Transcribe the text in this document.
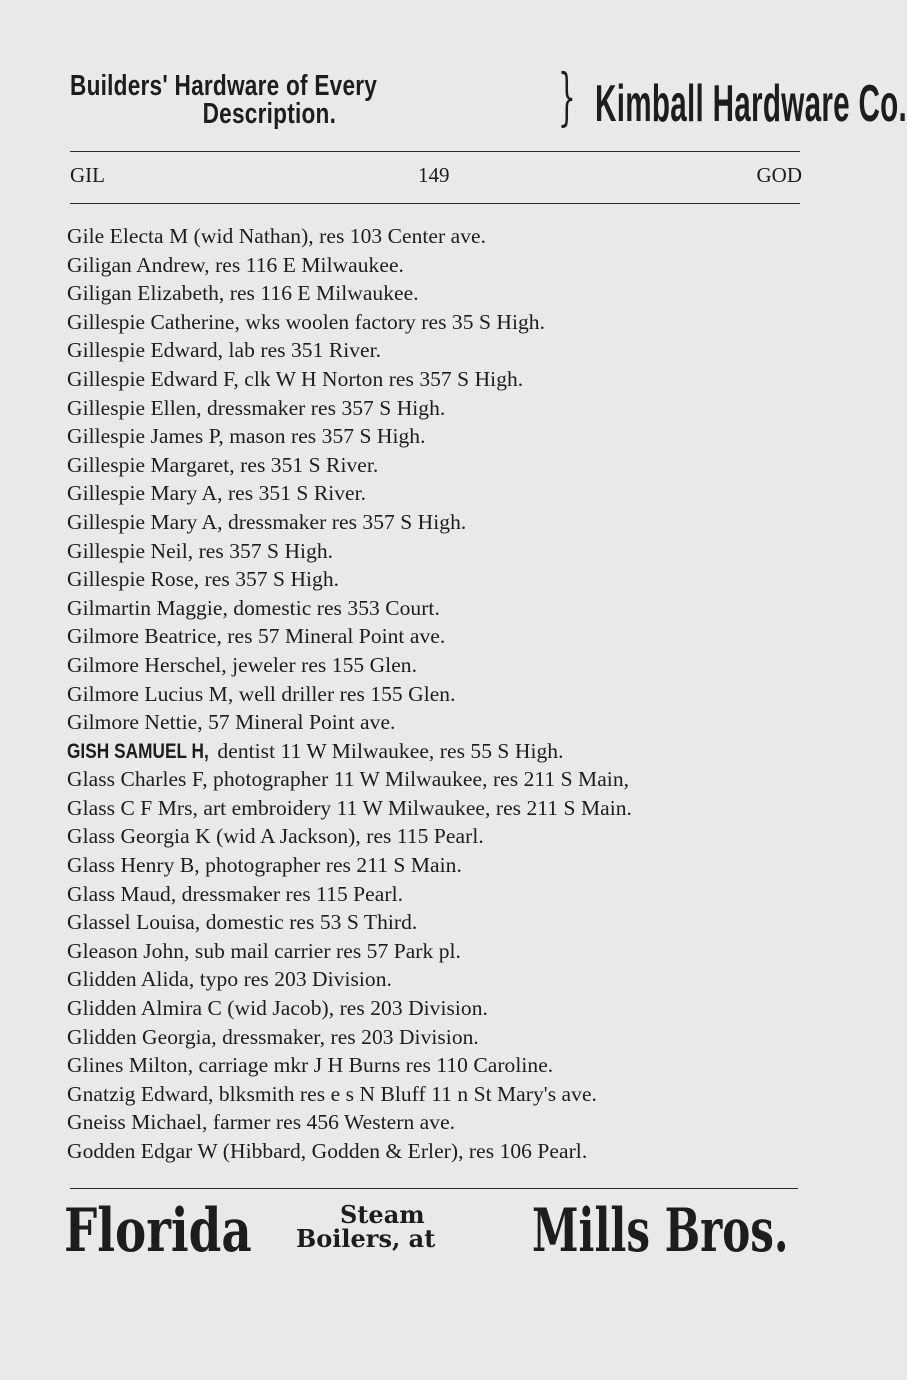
Builders' Hardware of Every
Description.	} Kimball Hardware Co.
GIL	149	GOD
Gile Electa M (wid Nathan), res 103 Center ave.
Giligan Andrew, res 116 E Milwaukee.
Giligan Elizabeth, res 116 E Milwaukee.
Gillespie Catherine, wks woolen factory res 35 S High.
Gillespie Edward, lab res 351 River.
Gillespie Edward F, clk W H Norton res 357 S High.
Gillespie Ellen, dressmaker res 357 S High.
Gillespie James P, mason res 357 S High.
Gillespie Margaret, res 351 S River.
Gillespie Mary A, res 351 S River.
Gillespie Mary A, dressmaker res 357 S High.
Gillespie Neil, res 357 S High.
Gillespie Rose, res 357 S High.
Gilmartin Maggie, domestic res 353 Court.
Gilmore Beatrice, res 57 Mineral Point ave.
Gilmore Herschel, jeweler res 155 Glen.
Gilmore Lucius M, well driller res 155 Glen.
Gilmore Nettie, 57 Mineral Point ave.
GISH SAMUEL H, dentist 11 W Milwaukee, res 55 S High.
Glass Charles F, photographer 11 W Milwaukee, res 211 S Main,
Glass C F Mrs, art embroidery 11 W Milwaukee, res 211 S Main.
Glass Georgia K (wid A Jackson), res 115 Pearl.
Glass Henry B, photographer res 211 S Main.
Glass Maud, dressmaker res 115 Pearl.
Glassel Louisa, domestic res 53 S Third.
Gleason John, sub mail carrier res 57 Park pl.
Glidden Alida, typo res 203 Division.
Glidden Almira C (wid Jacob), res 203 Division.
Glidden Georgia, dressmaker, res 203 Division.
Glines Milton, carriage mkr J H Burns res 110 Caroline.
Gnatzig Edward, blksmith res e s N Bluff 11 n St Mary's ave.
Gneiss Michael, farmer res 456 Western ave.
Godden Edgar W (Hibbard, Godden & Erler), res 106 Pearl.
Florida	Steam
Boilers, at	Mills Bros.
